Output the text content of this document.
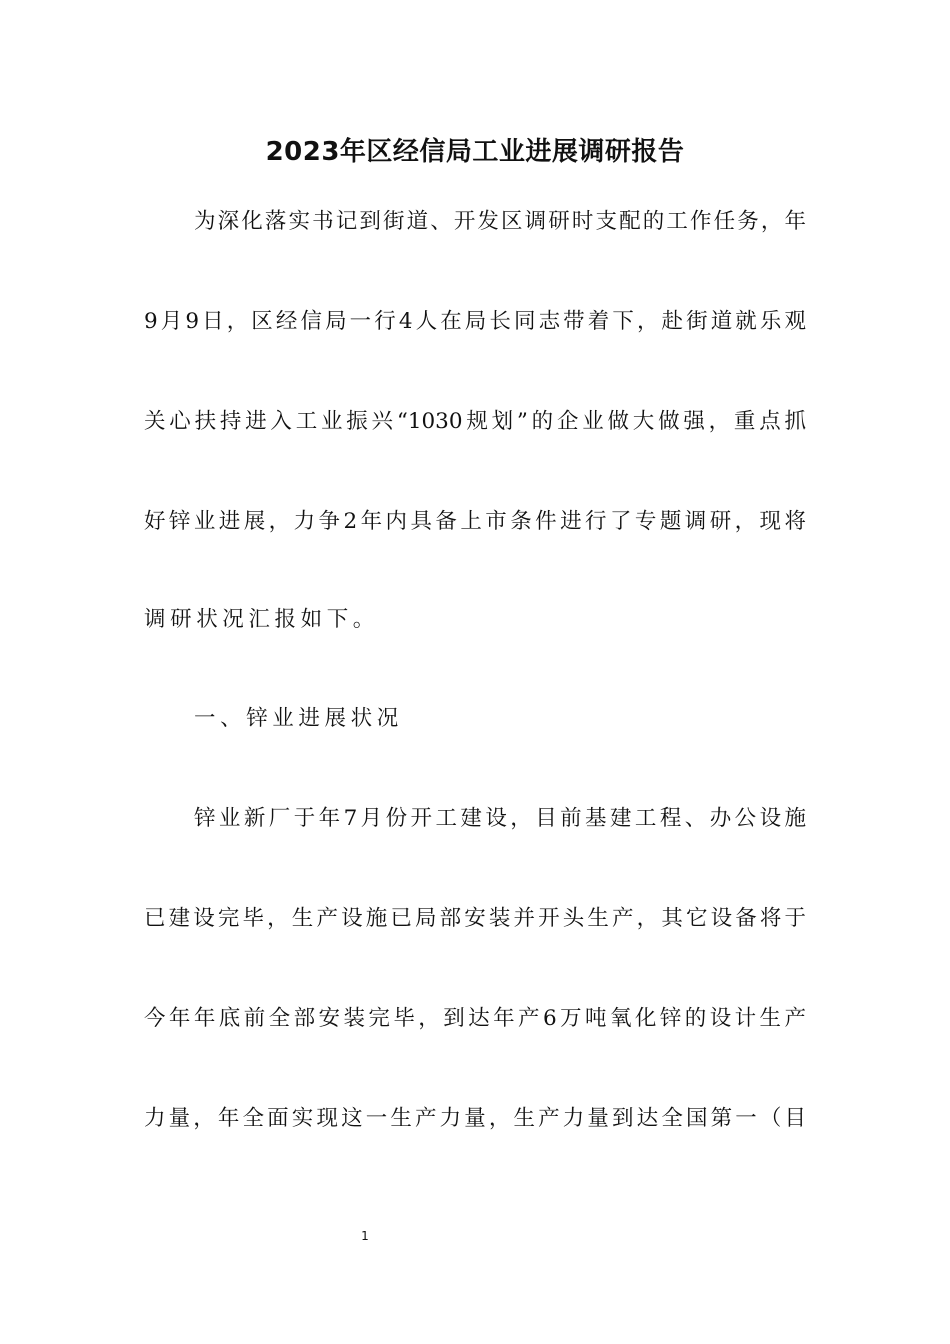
2023年区经信局工业进展调研报告
为深化落实书记到街道、开发区调研时支配的工作任务，年
9月9日，区经信局一行4人在局长同志带着下，赴街道就乐观
关心扶持进入工业振兴“1030规划”的企业做大做强，重点抓
好锌业进展，力争2年内具备上市条件进行了专题调研，现将
调研状况汇报如下。
一、锌业进展状况
锌业新厂于年7月份开工建设，目前基建工程、办公设施
已建设完毕，生产设施已局部安装并开头生产，其它设备将于
今年年底前全部安装完毕，到达年产6万吨氧化锌的设计生产
力量，年全面实现这一生产力量，生产力量到达全国第一（目
1
